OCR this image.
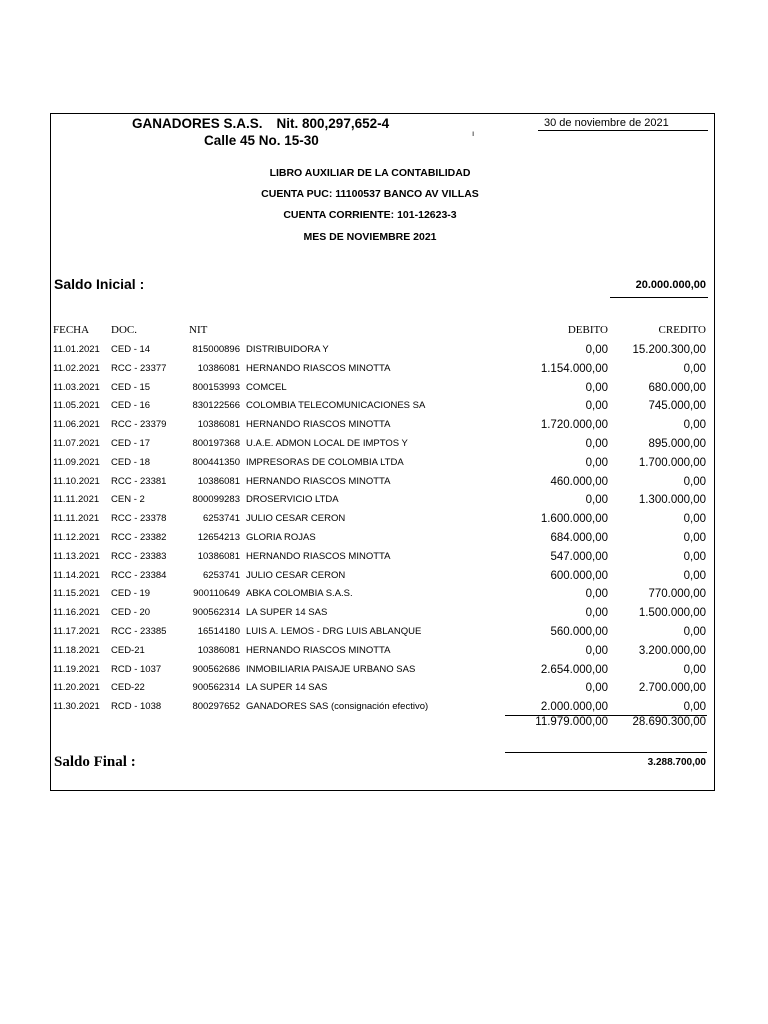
GANADORES S.A.S. Nit. 800,297,652-4
Calle 45 No. 15-30
30 de noviembre de 2021
ı
LIBRO AUXILIAR DE LA CONTABILIDAD
CUENTA PUC: 11100537 BANCO AV VILLAS
CUENTA CORRIENTE: 101-12623-3
MES DE NOVIEMBRE 2021
Saldo Inicial :	20.000.000,00
FECHA DOC.	NIT	DEBITO	CREDITO
11.01.2021 CED - 14	815000896 DISTRIBUIDORA Y	0,00	15.200.300,00
11.02.2021 RCC - 23377	10386081 HERNANDO RIASCOS MINOTTA	1.154.000,00	0,00
11.03.2021 CED - 15	800153993 COMCEL	0,00	680.000,00
11.05.2021 CED - 16	830122566 COLOMBIA TELECOMUNICACIONES SA	0,00	745.000,00
11.06.2021 RCC - 23379	10386081 HERNANDO RIASCOS MINOTTA	1.720.000,00	0,00
11.07.2021 CED - 17	800197368 U.A.E. ADMON LOCAL DE IMPTOS Y	0,00	895.000,00
11.09.2021 CED - 18	800441350 IMPRESORAS DE COLOMBIA LTDA	0,00	1.700.000,00
11.10.2021 RCC - 23381	10386081 HERNANDO RIASCOS MINOTTA	460.000,00	0,00
11.11.2021 CEN - 2	800099283 DROSERVICIO LTDA	0,00	1.300.000,00
11.11.2021 RCC - 23378	6253741 JULIO CESAR CERON	1.600.000,00	0,00
11.12.2021 RCC - 23382	12654213 GLORIA ROJAS	684.000,00	0,00
11.13.2021 RCC - 23383	10386081 HERNANDO RIASCOS MINOTTA	547.000,00	0,00
11.14.2021 RCC - 23384	6253741 JULIO CESAR CERON	600.000,00	0,00
11.15.2021 CED - 19	900110649 ABKA COLOMBIA S.A.S.	0,00	770.000,00
11.16.2021 CED - 20	900562314 LA SUPER 14 SAS	0,00	1.500.000,00
11.17.2021 RCC - 23385	16514180 LUIS A. LEMOS - DRG LUIS ABLANQUE	560.000,00	0,00
11.18.2021 CED-21	10386081 HERNANDO RIASCOS MINOTTA	0,00	3.200.000,00
11.19.2021 RCD - 1037	900562686 INMOBILIARIA PAISAJE URBANO SAS	2.654.000,00	0,00
11.20.2021 CED-22	900562314 LA SUPER 14 SAS	0,00	2.700.000,00
11.30.2021 RCD - 1038	800297652 GANADORES SAS (consignación efectivo)	2.000.000,00	0,00
11.979.000,00	28.690.300,00
Saldo Final :	3.288.700,00
